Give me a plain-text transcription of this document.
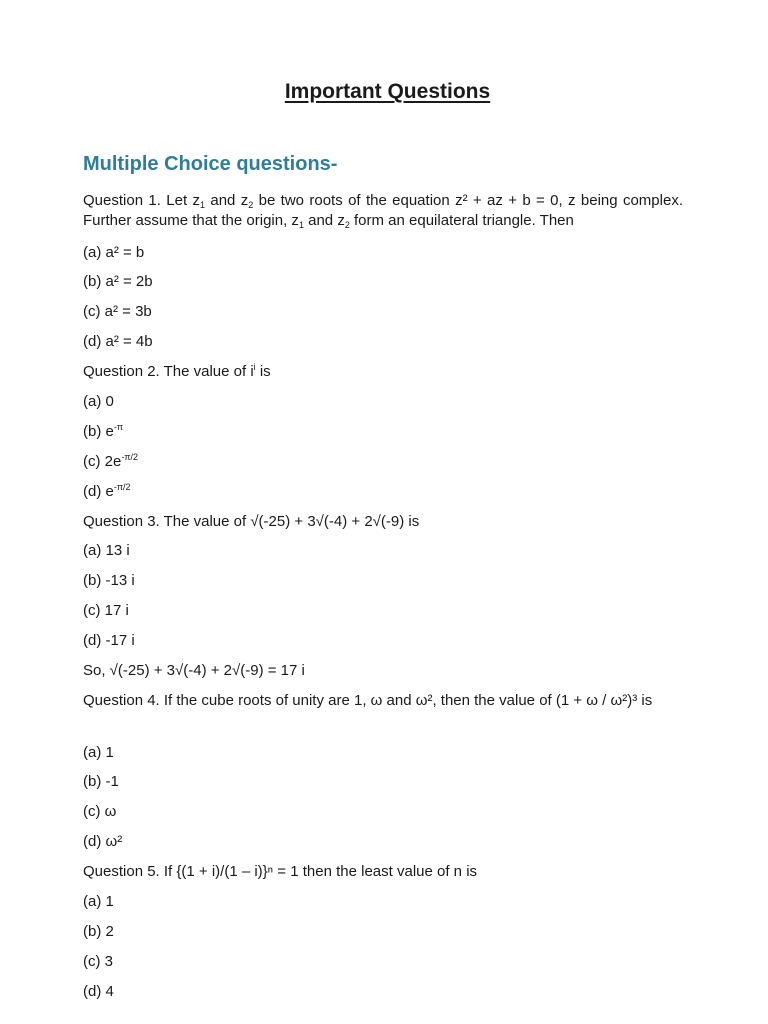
Important Questions
Multiple Choice questions-
Question 1. Let $z_1$ and $z_2$ be two roots of the equation z² + az + b = 0, z being complex. Further assume that the origin, $z_1$ and $z_2$ form an equilateral triangle. Then
(a) a² = b
(b) a² = 2b
(c) a² = 3b
(d) a² = 4b
Question 2. The value of $i^i$ is
(a) 0
(b) $e^{-\pi}$
(c) $2e^{-\pi/2}$
(d) $e^{-\pi/2}$
Question 3. The value of √(-25) + 3√(-4) + 2√(-9) is
(a) 13 i
(b) -13 i
(c) 17 i
(d) -17 i
So, √(-25) + 3√(-4) + 2√(-9) = 17 i
Question 4. If the cube roots of unity are 1, ω and ω², then the value of (1 + ω / ω²)³ is
(a) 1
(b) -1
(c) ω
(d) ω²
Question 5. If {(1 + i)/(1 – i)}ⁿ = 1 then the least value of n is
(a) 1
(b) 2
(c) 3
(d) 4
